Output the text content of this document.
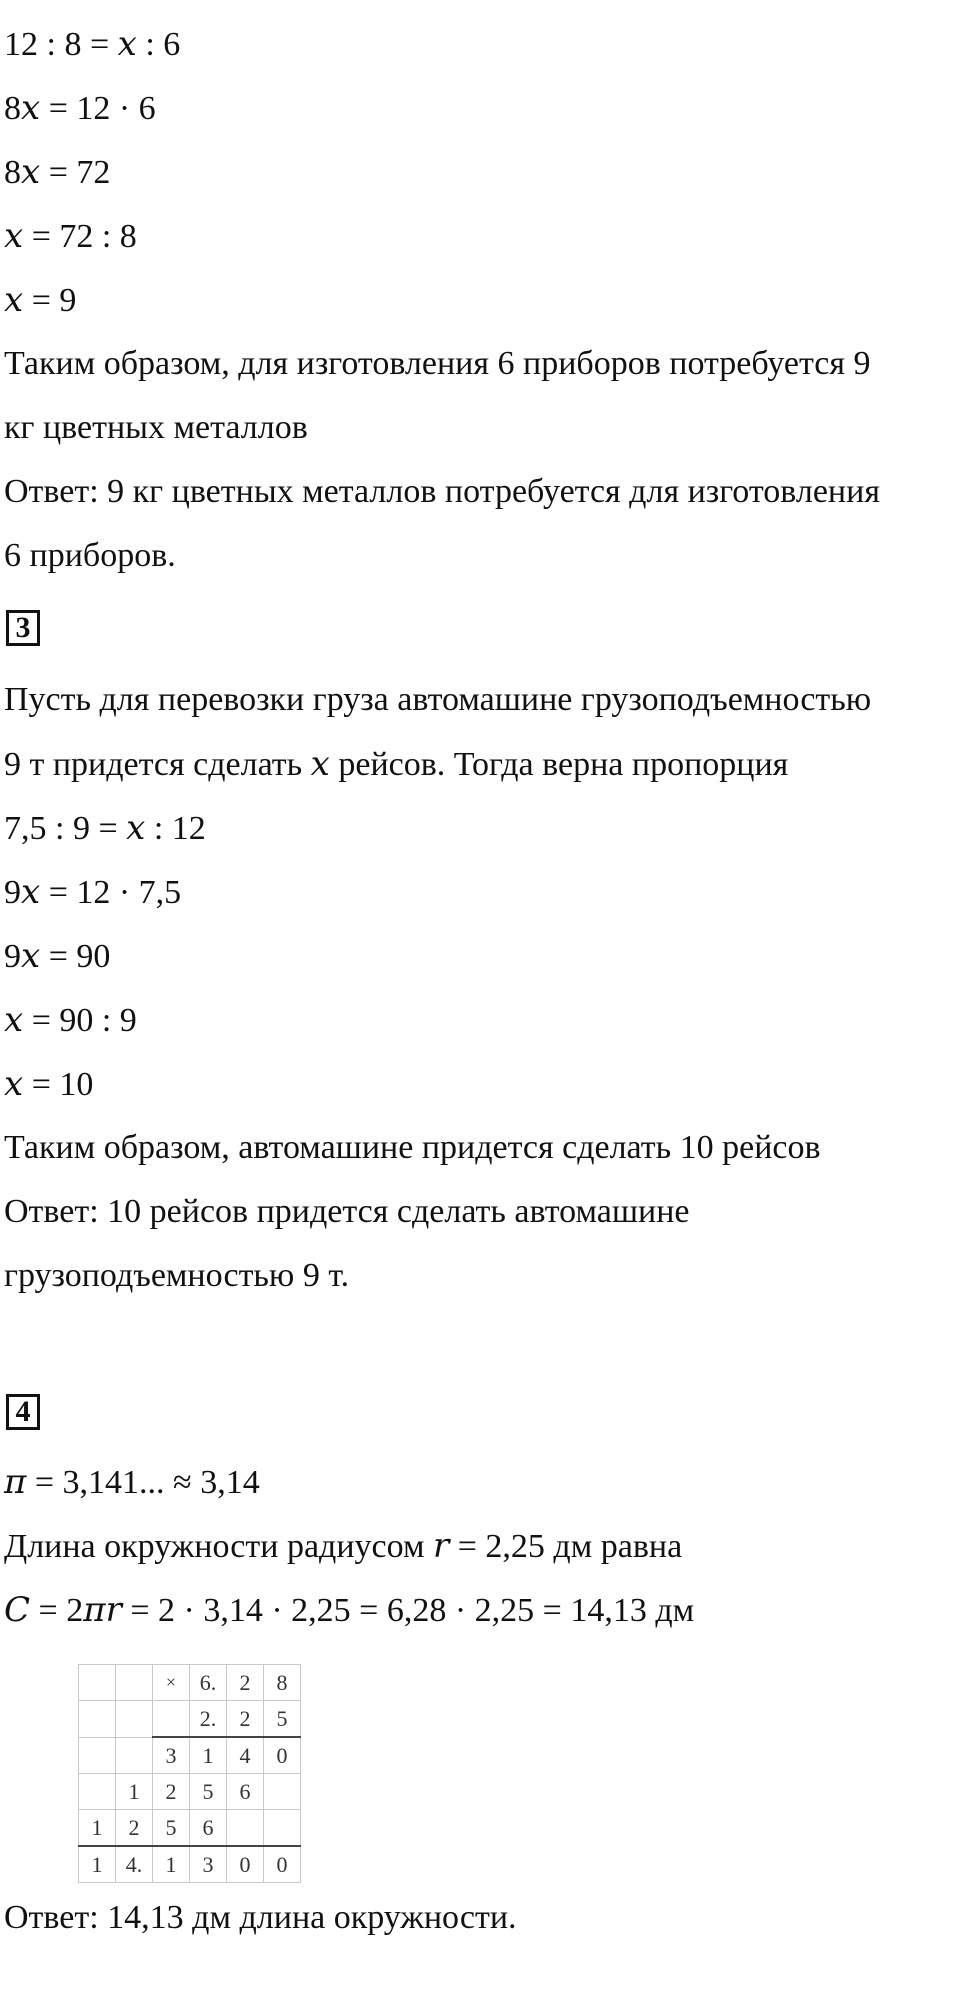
12 : 8 = x : 6
8x = 12 · 6
8x = 72
x = 72 : 8
x = 9
Таким образом, для изготовления 6 приборов потребуется 9
кг цветных металлов
Ответ: 9 кг цветных металлов потребуется для изготовления
6 приборов.
3
Пусть для перевозки груза автомашине грузоподъемностью
9 т придется сделать x рейсов. Тогда верна пропорция
7,5 : 9 = x : 12
9x = 12 · 7,5
9x = 90
x = 90 : 9
x = 10
Таким образом, автомашине придется сделать 10 рейсов
Ответ: 10 рейсов придется сделать автомашине
грузоподъемностью 9 т.
4
π = 3,141... ≈ 3,14
Длина окружности радиусом r = 2,25 дм равна
C = 2πr = 2 · 3,14 · 2,25 = 6,28 · 2,25 = 14,13 дм
		×	6.	2	8
			2.	2	5
		3	1	4	0
	1	2	5	6	
1	2	5	6		
1	4.	1	3	0	0
Ответ: 14,13 дм длина окружности.
